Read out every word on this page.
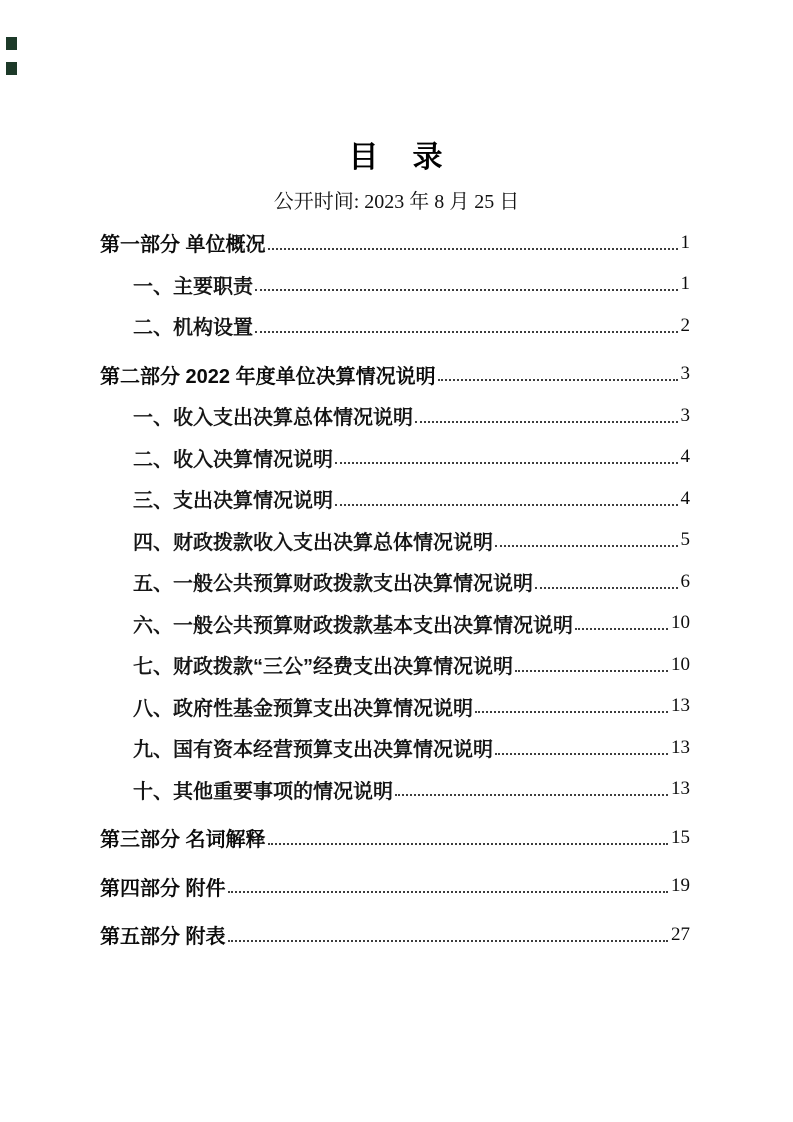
目　录
公开时间: 2023 年 8 月 25 日
第一部分 单位概况	1
一、主要职责	1
二、机构设置	2
第二部分 2022 年度单位决算情况说明	3
一、收入支出决算总体情况说明	3
二、收入决算情况说明	4
三、支出决算情况说明	4
四、财政拨款收入支出决算总体情况说明	5
五、一般公共预算财政拨款支出决算情况说明	6
六、一般公共预算财政拨款基本支出决算情况说明	10
七、财政拨款“三公”经费支出决算情况说明	10
八、政府性基金预算支出决算情况说明	13
九、国有资本经营预算支出决算情况说明	13
十、其他重要事项的情况说明	13
第三部分 名词解释	15
第四部分 附件	19
第五部分 附表	27
